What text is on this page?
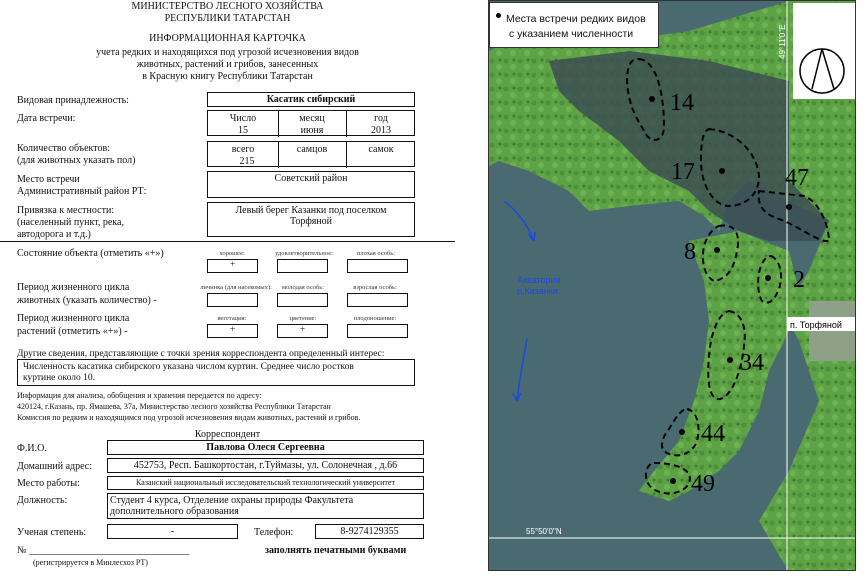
МИНИСТЕРСТВО ЛЕСНОГО ХОЗЯЙСТВА
РЕСПУБЛИКИ ТАТАРСТАН
ИНФОРМАЦИОННАЯ КАРТОЧКА
учета редких и находящихся под угрозой исчезновения видов
животных, растений и грибов, занесенных
в Красную книгу Республики Татарстан
Видовая принадлежность:	Касатик сибирский
Дата встречи:	Число	месяц	год
15	июня	2013
Количество объектов:
(для животных указать пол)
всего	самцов	самок
215
Место встречи
Административный район РТ:
Советский район
Привязка к местности:
(населенный пункт, река,
автодорога и т.д.)
Левый берег Казанки под поселком
Торфяной
Состояние объекта (отметить «+»)	хорошее:	удовлетворительное:	плохая особь:
+
Период жизненного цикла
животных (указать количество) -
личинка (для насекомых):	молодая особь:	взрослая особь:
Период жизненного цикла
растений (отметить «+») -
вегетация:	цветение:	плодоношение:
+	+
Другие сведения, представляющие с точки зрения корреспондента определенный интерес:
Численность касатика сибирского указана числом куртин. Среднее число ростков
куртине около 10.
Информация для анализа, обобщения и хранения передается по адресу:
420124, г.Казань, пр. Ямашева, 37а, Министерство лесного хозяйства Республики Татарстан
Комиссия по редким и находящимся под угрозой исчезновения видам животных, растений и грибов.
Корреспондент
Ф.И.О.	Павлова Олеся Сергеевна
Домашний адрес:	452753, Респ. Башкортостан, г.Туймазы, ул. Солонечная , д.66
Место работы:	Казанский национальный исследовательский технологический университет
Должность:	Студент 4 курса, Отделение охраны природы Факультета
дополнительного образования
Ученая степень:	-	Телефон:	8-9274129355
№ ________________________________
(регистрируется в Минлесхоз РТ)
заполнять печатными буквами
14
17	47
8
2
34
44
49
Акватория
р.Казанки
п. Торфяной
49°11'0"E
55°50'0"N
Места встречи редких видов
с указанием численности
